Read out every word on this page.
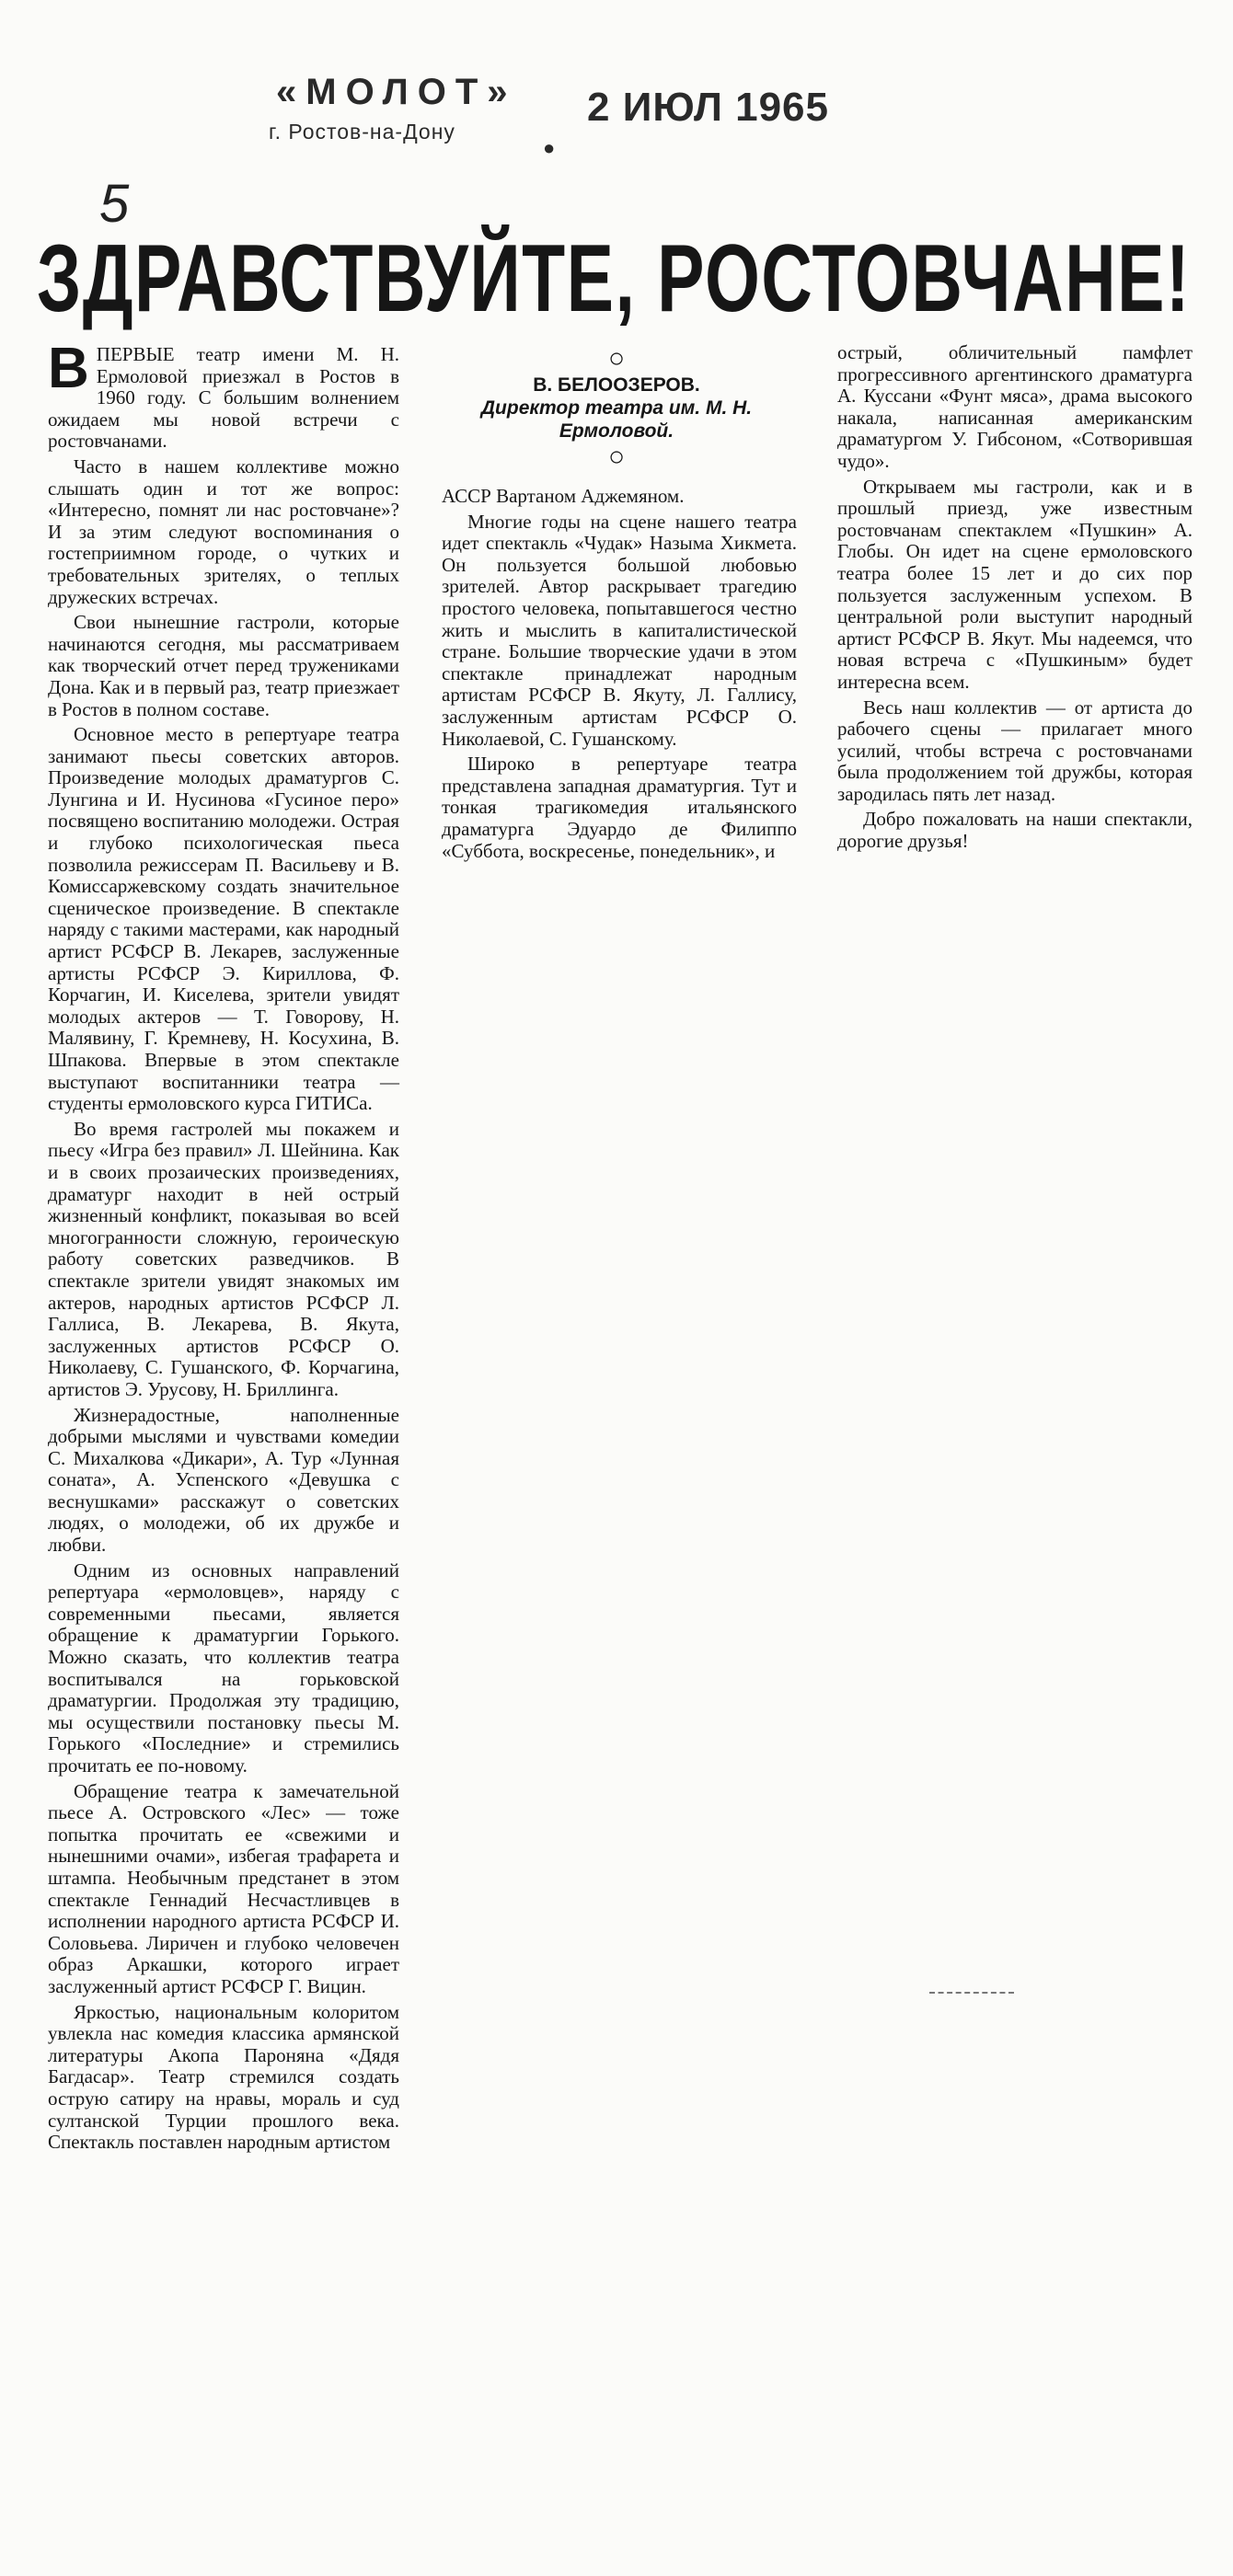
«МОЛОТ»
г. Ростов-на-Дону
●
2 ИЮЛ 1965
5
ЗДРАВСТВУЙТЕ, РОСТОВЧАНЕ!
○
В. БЕЛООЗЕРОВ.
Директор театра им. М. Н. Ермоловой.
○

ВПЕРВЫЕ театр имени М. Н. Ермоловой приезжал в Ростов в 1960 году. С большим волнением ожидаем мы новой встречи с ростовчанами.

Часто в нашем коллективе можно слышать один и тот же вопрос: «Интересно, помнят ли нас ростовчане»? И за этим следуют воспоминания о гостеприимном городе, о чутких и требовательных зрителях, о теплых дружеских встречах.

Свои нынешние гастроли, которые начинаются сегодня, мы рассматриваем как творческий отчет перед тружениками Дона. Как и в первый раз, театр приезжает в Ростов в полном составе.

Основное место в репертуаре театра занимают пьесы советских авторов. Произведение молодых драматургов С. Лунгина и И. Нусинова «Гусиное перо» посвящено воспитанию молодежи. Острая и глубоко психологическая пьеса позволила режиссерам П. Васильеву и В. Комиссаржевскому создать значительное сценическое произведение. В спектакле наряду с такими мастерами, как народный артист РСФСР В. Лекарев, заслуженные артисты РСФСР Э. Кириллова, Ф. Корчагин, И. Киселева, зрители увидят молодых актеров — Т. Говорову, Н. Малявину, Г. Кремневу, Н. Косухина, В. Шпакова. Впервые в этом спектакле выступают воспитанники театра — студенты ермоловского курса ГИТИСа.

Во время гастролей мы покажем и пьесу «Игра без правил» Л. Шейнина. Как и в своих прозаических произведениях, драматург находит в ней острый жизненный конфликт, показывая во всей многогранности сложную, героическую работу советских разведчиков. В спектакле зрители увидят знакомых им актеров, народных артистов РСФСР Л. Галлиса, В. Лекарева, В. Якута, заслуженных артистов РСФСР О. Николаеву, С. Гушанского, Ф. Корчагина, артистов Э. Урусову, Н. Бриллинга.

Жизнерадостные, наполненные добрыми мыслями и чувствами комедии С. Михалкова «Дикари», А. Тур «Лунная соната», А. Успенского «Девушка с веснушками» расскажут о советских людях, о молодежи, об их дружбе и любви.

Одним из основных направлений репертуара «ермоловцев», наряду с современными пьесами, является обращение к драматургии Горького. Можно сказать, что коллектив театра воспитывался на горьковской драматургии. Продолжая эту традицию, мы осуществили постановку пьесы М. Горького «Последние» и стремились прочитать ее по-новому.

Обращение театра к замечательной пьесе А. Островского «Лес» — тоже попытка прочитать ее «свежими и нынешними очами», избегая трафарета и штампа. Необычным предстанет в этом спектакле Геннадий Несчастливцев в исполнении народного артиста РСФСР И. Соловьева. Лиричен и глубоко человечен образ Аркашки, которого играет заслуженный артист РСФСР Г. Вицин.

Яркостью, национальным колоритом увлекла нас комедия классика армянской литературы Акопа Пароняна «Дядя Багдасар». Театр стремился создать острую сатиру на нравы, мораль и суд султанской Турции прошлого века. Спектакль поставлен народным артистом

АССР Вартаном Аджемяном.

Многие годы на сцене нашего театра идет спектакль «Чудак» Назыма Хикмета. Он пользуется большой любовью зрителей. Автор раскрывает трагедию простого человека, попытавшегося честно жить и мыслить в капиталистической стране. Большие творческие удачи в этом спектакле принадлежат народным артистам РСФСР В. Якуту, Л. Галлису, заслуженным артистам РСФСР О. Николаевой, С. Гушанскому.

Широко в репертуаре театра представлена западная драматургия. Тут и тонкая трагикомедия итальянского драматурга Эдуардо де Филиппо «Суббота, воскресенье, понедельник», и

острый, обличительный памфлет прогрессивного аргентинского драматурга А. Куссани «Фунт мяса», драма высокого накала, написанная американским драматургом У. Гибсоном, «Сотворившая чудо».

Открываем мы гастроли, как и в прошлый приезд, уже известным ростовчанам спектаклем «Пушкин» А. Глобы. Он идет на сцене ермоловского театра более 15 лет и до сих пор пользуется заслуженным успехом. В центральной роли выступит народный артист РСФСР В. Якут. Мы надеемся, что новая встреча с «Пушкиным» будет интересна всем.

Весь наш коллектив — от артиста до рабочего сцены — прилагает много усилий, чтобы встреча с ростовчанами была продолжением той дружбы, которая зародилась пять лет назад.

Добро пожаловать на наши спектакли, дорогие друзья!
